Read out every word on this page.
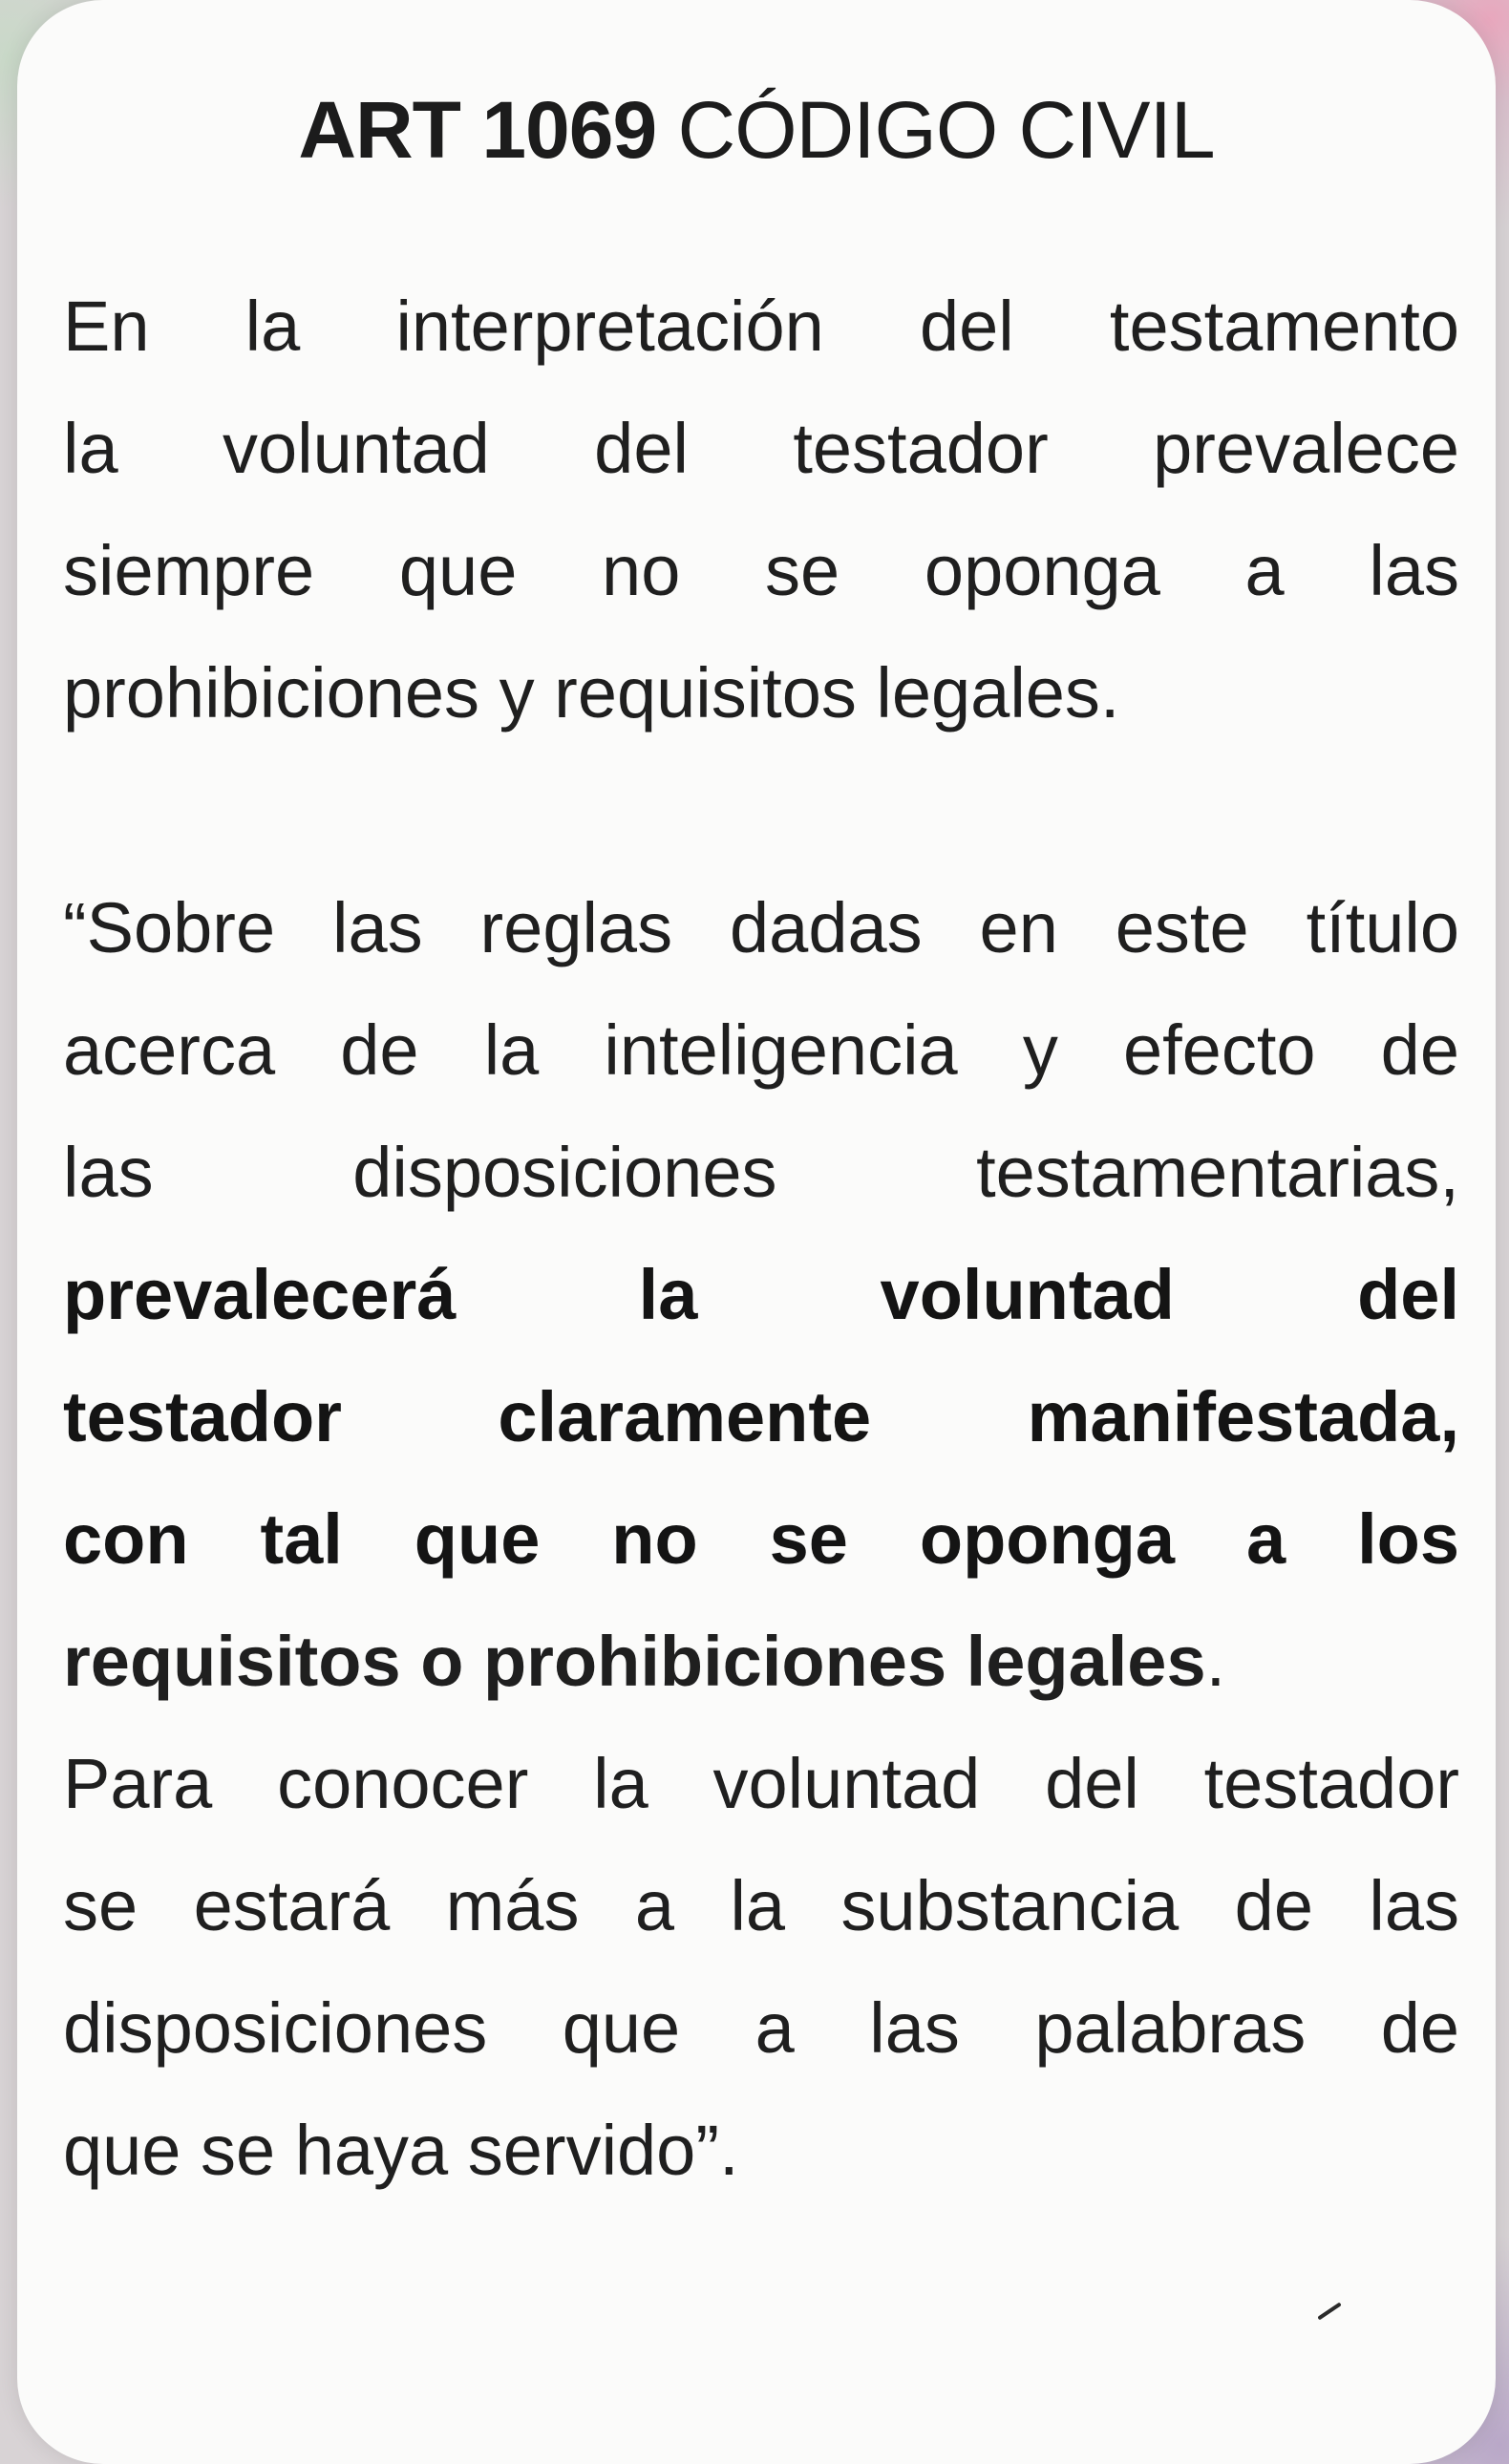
ART 1069 CÓDIGO CIVIL
En la interpretación del testamento
la voluntad del testador prevalece
siempre que no se oponga a las
prohibiciones y requisitos legales.
“Sobre las reglas dadas en este título
acerca de la inteligencia y efecto de
las disposiciones testamentarias,
prevalecerá la voluntad del
testador claramente manifestada,
con tal que no se oponga a los
requisitos o prohibiciones legales.
Para conocer la voluntad del testador
se estará más a la substancia de las
disposiciones que a las palabras de
que se haya servido”.
